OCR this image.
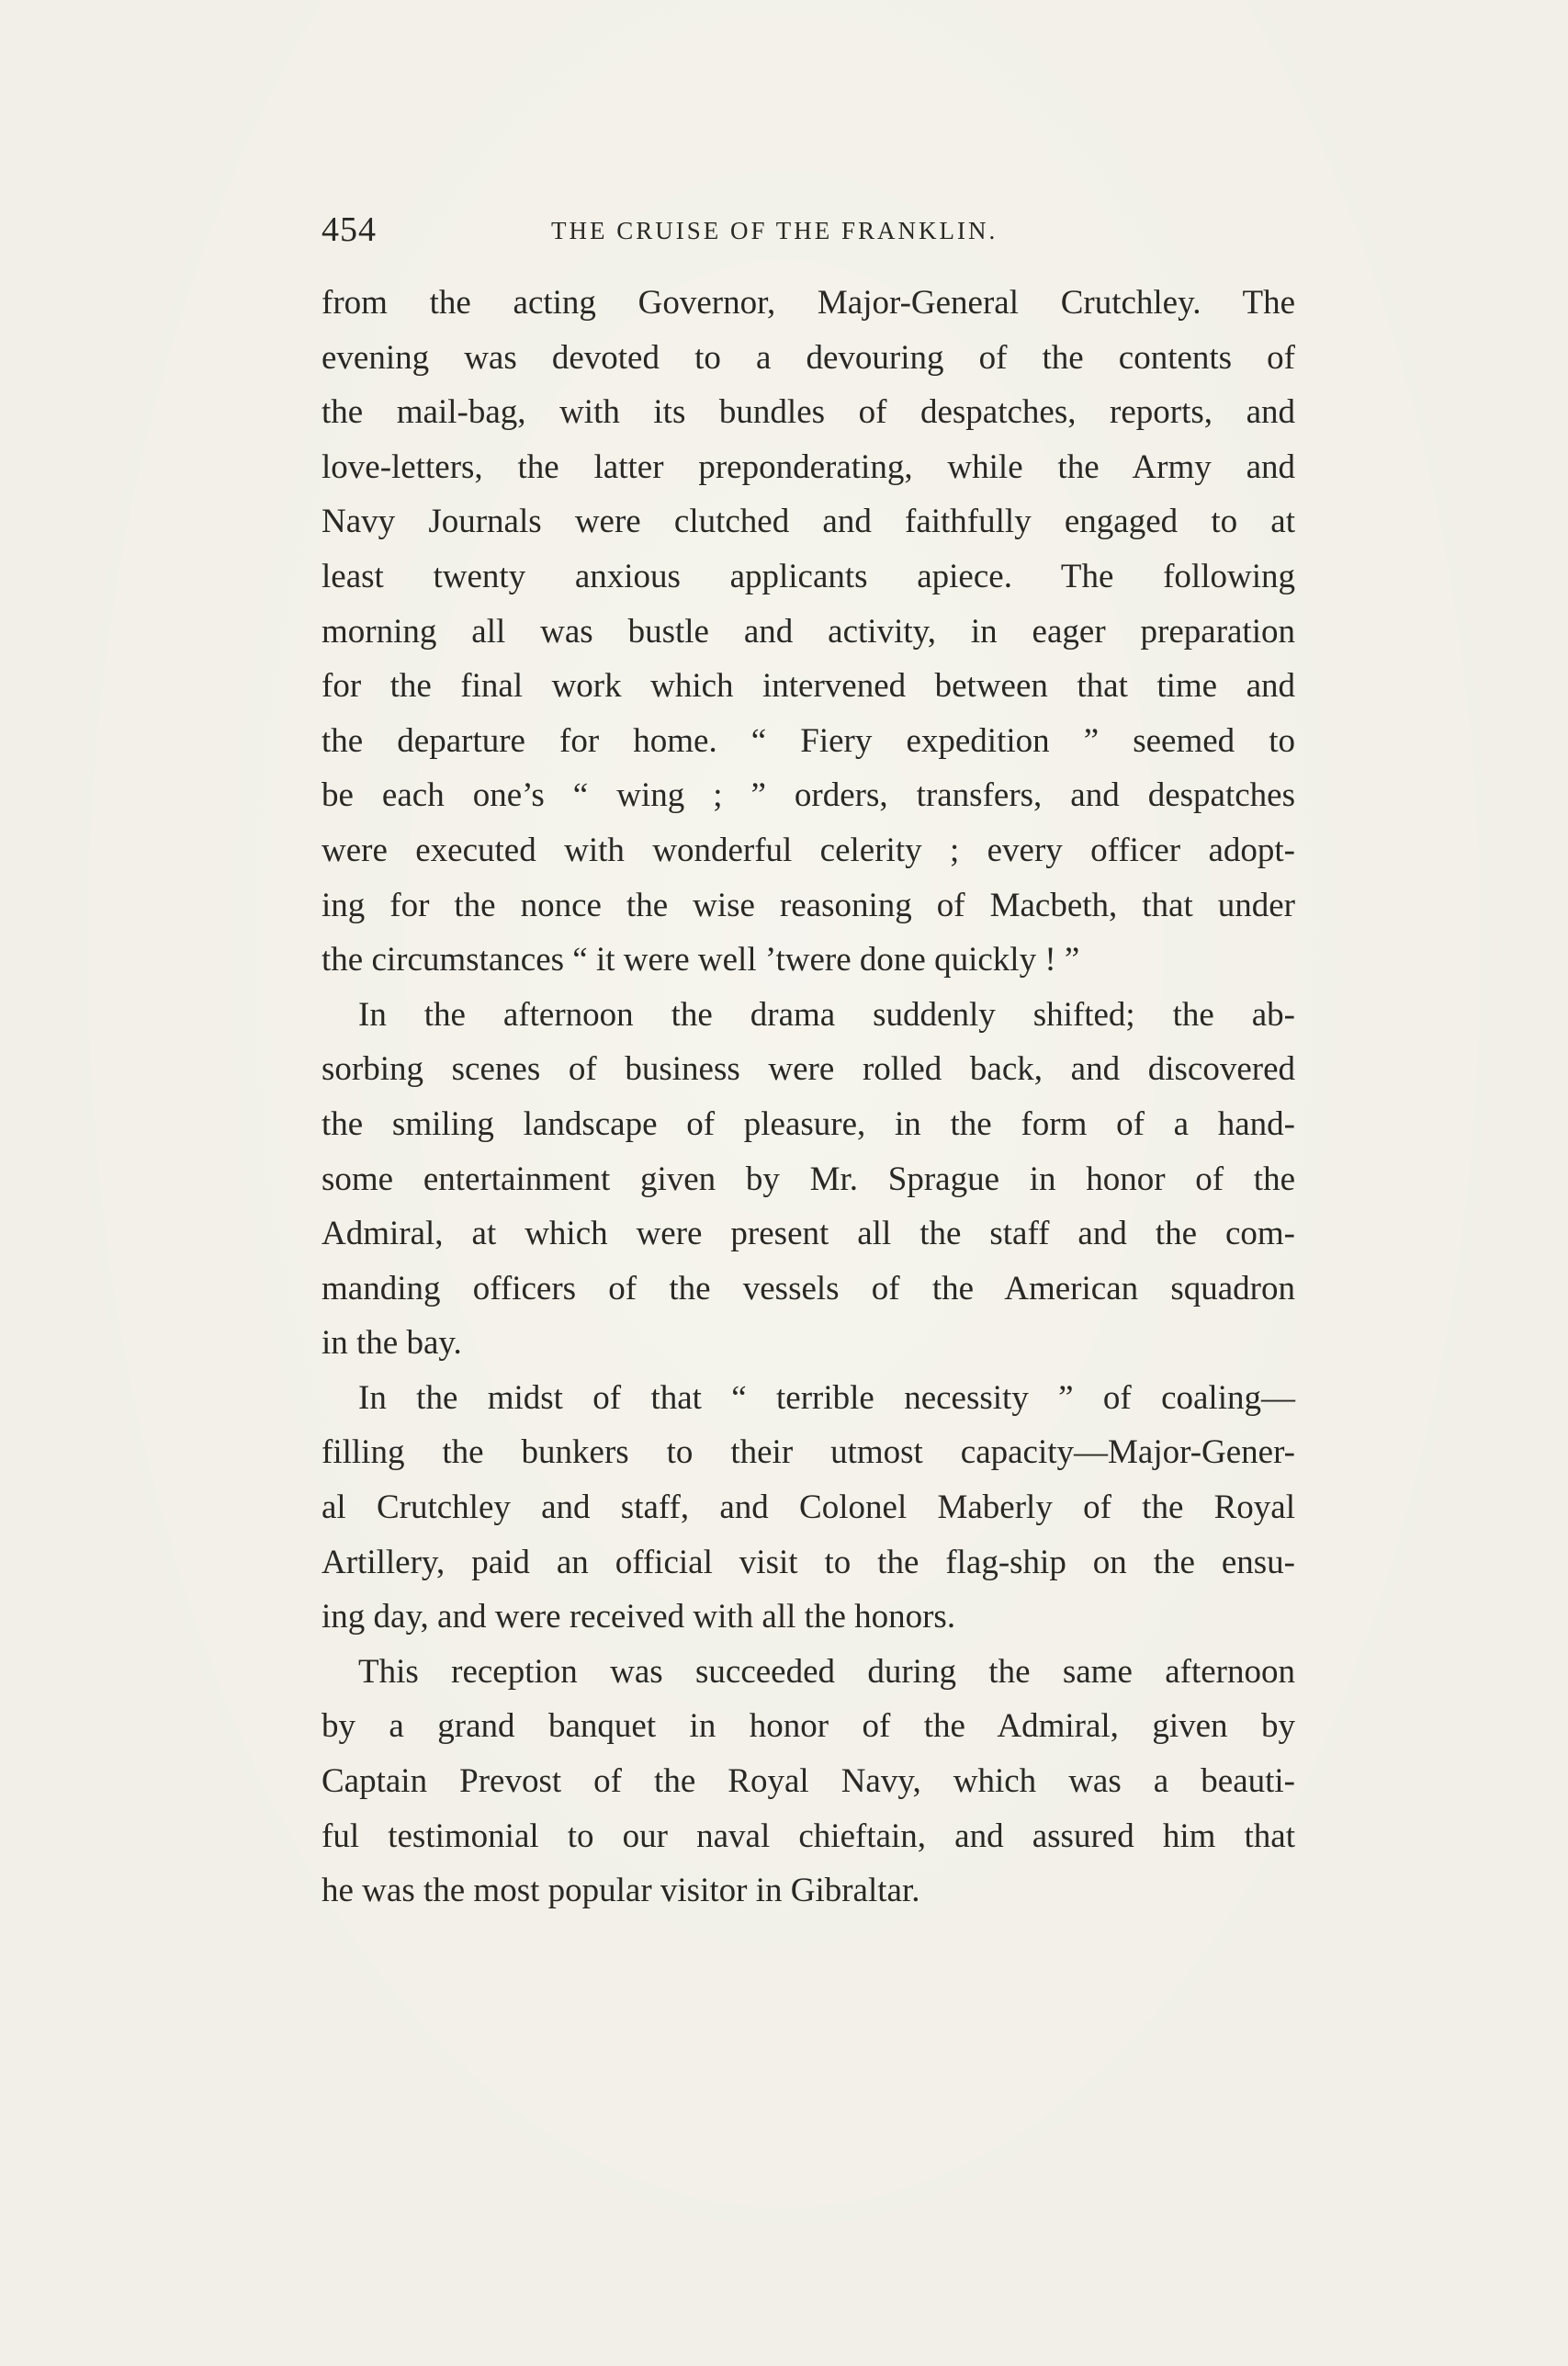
454	THE CRUISE OF THE FRANKLIN.
from the acting Governor, Major-General Crutchley. The
evening was devoted to a devouring of the contents of
the mail-bag, with its bundles of despatches, reports, and
love-letters, the latter preponderating, while the Army and
Navy Journals were clutched and faithfully engaged to at
least twenty anxious applicants apiece. The following
morning all was bustle and activity, in eager preparation
for the final work which intervened between that time and
the departure for home. “ Fiery expedition ” seemed to
be each one’s “ wing ; ” orders, transfers, and despatches
were executed with wonderful celerity ; every officer adopt-
ing for the nonce the wise reasoning of Macbeth, that under
the circumstances “ it were well ’twere done quickly ! ”
In the afternoon the drama suddenly shifted; the ab-
sorbing scenes of business were rolled back, and discovered
the smiling landscape of pleasure, in the form of a hand-
some entertainment given by Mr. Sprague in honor of the
Admiral, at which were present all the staff and the com-
manding officers of the vessels of the American squadron
in the bay.
In the midst of that “ terrible necessity ” of coaling—
filling the bunkers to their utmost capacity—Major-Gener-
al Crutchley and staff, and Colonel Maberly of the Royal
Artillery, paid an official visit to the flag-ship on the ensu-
ing day, and were received with all the honors.
This reception was succeeded during the same afternoon
by a grand banquet in honor of the Admiral, given by
Captain Prevost of the Royal Navy, which was a beauti-
ful testimonial to our naval chieftain, and assured him that
he was the most popular visitor in Gibraltar.
